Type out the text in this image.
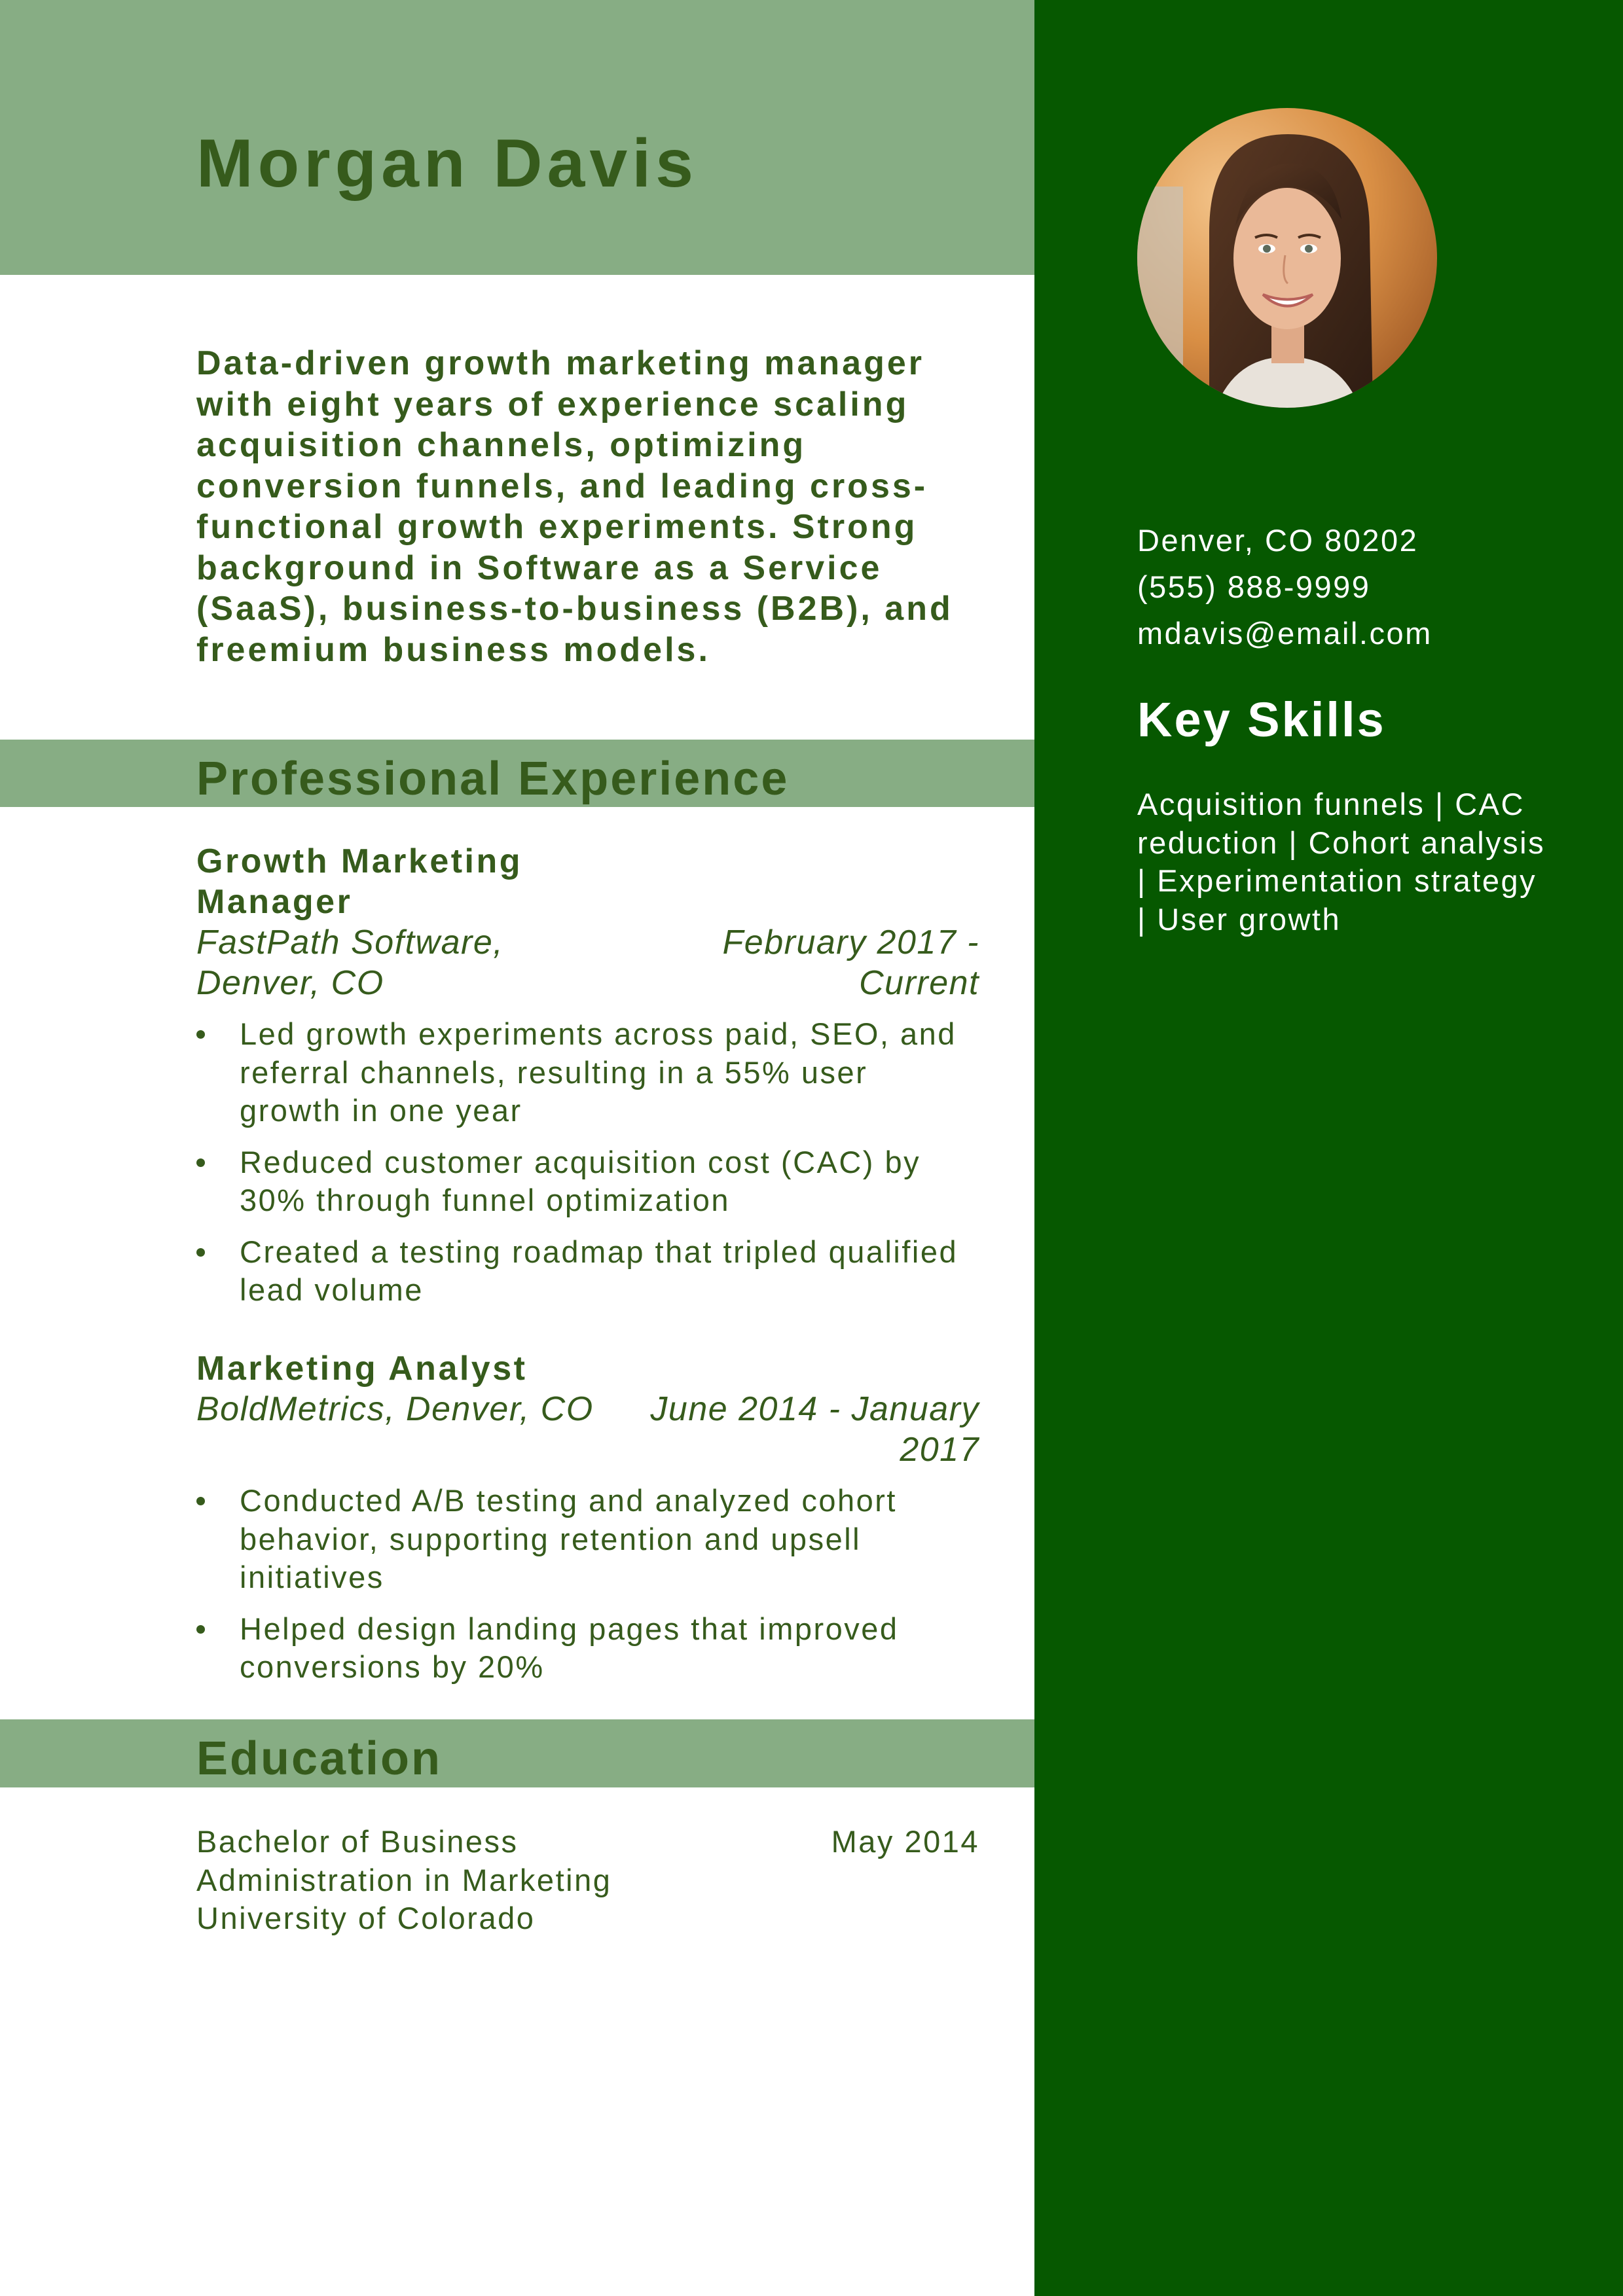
Morgan Davis

Data-driven growth marketing manager with eight years of experience scaling acquisition channels, optimizing conversion funnels, and leading cross-functional growth experiments. Strong background in Software as a Service (SaaS), business-to-business (B2B), and freemium business models.

Professional Experience
Growth Marketing Manager
FastPath Software, Denver, CO
February 2017 - Current
Led growth experiments across paid, SEO, and referral channels, resulting in a 55% user growth in one year
Reduced customer acquisition cost (CAC) by 30% through funnel optimization
Created a testing roadmap that tripled qualified lead volume
Marketing Analyst
BoldMetrics, Denver, CO	June 2014 - January 2017
Conducted A/B testing and analyzed cohort behavior, supporting retention and upsell initiatives
Helped design landing pages that improved conversions by 20%
Education
Bachelor of Business Administration in Marketing
University of Colorado
May 2014
Denver, CO 80202
(555) 888-9999
mdavis@email.com
Key Skills
Acquisition funnels | CAC reduction | Cohort analysis | Experimentation strategy | User growth
